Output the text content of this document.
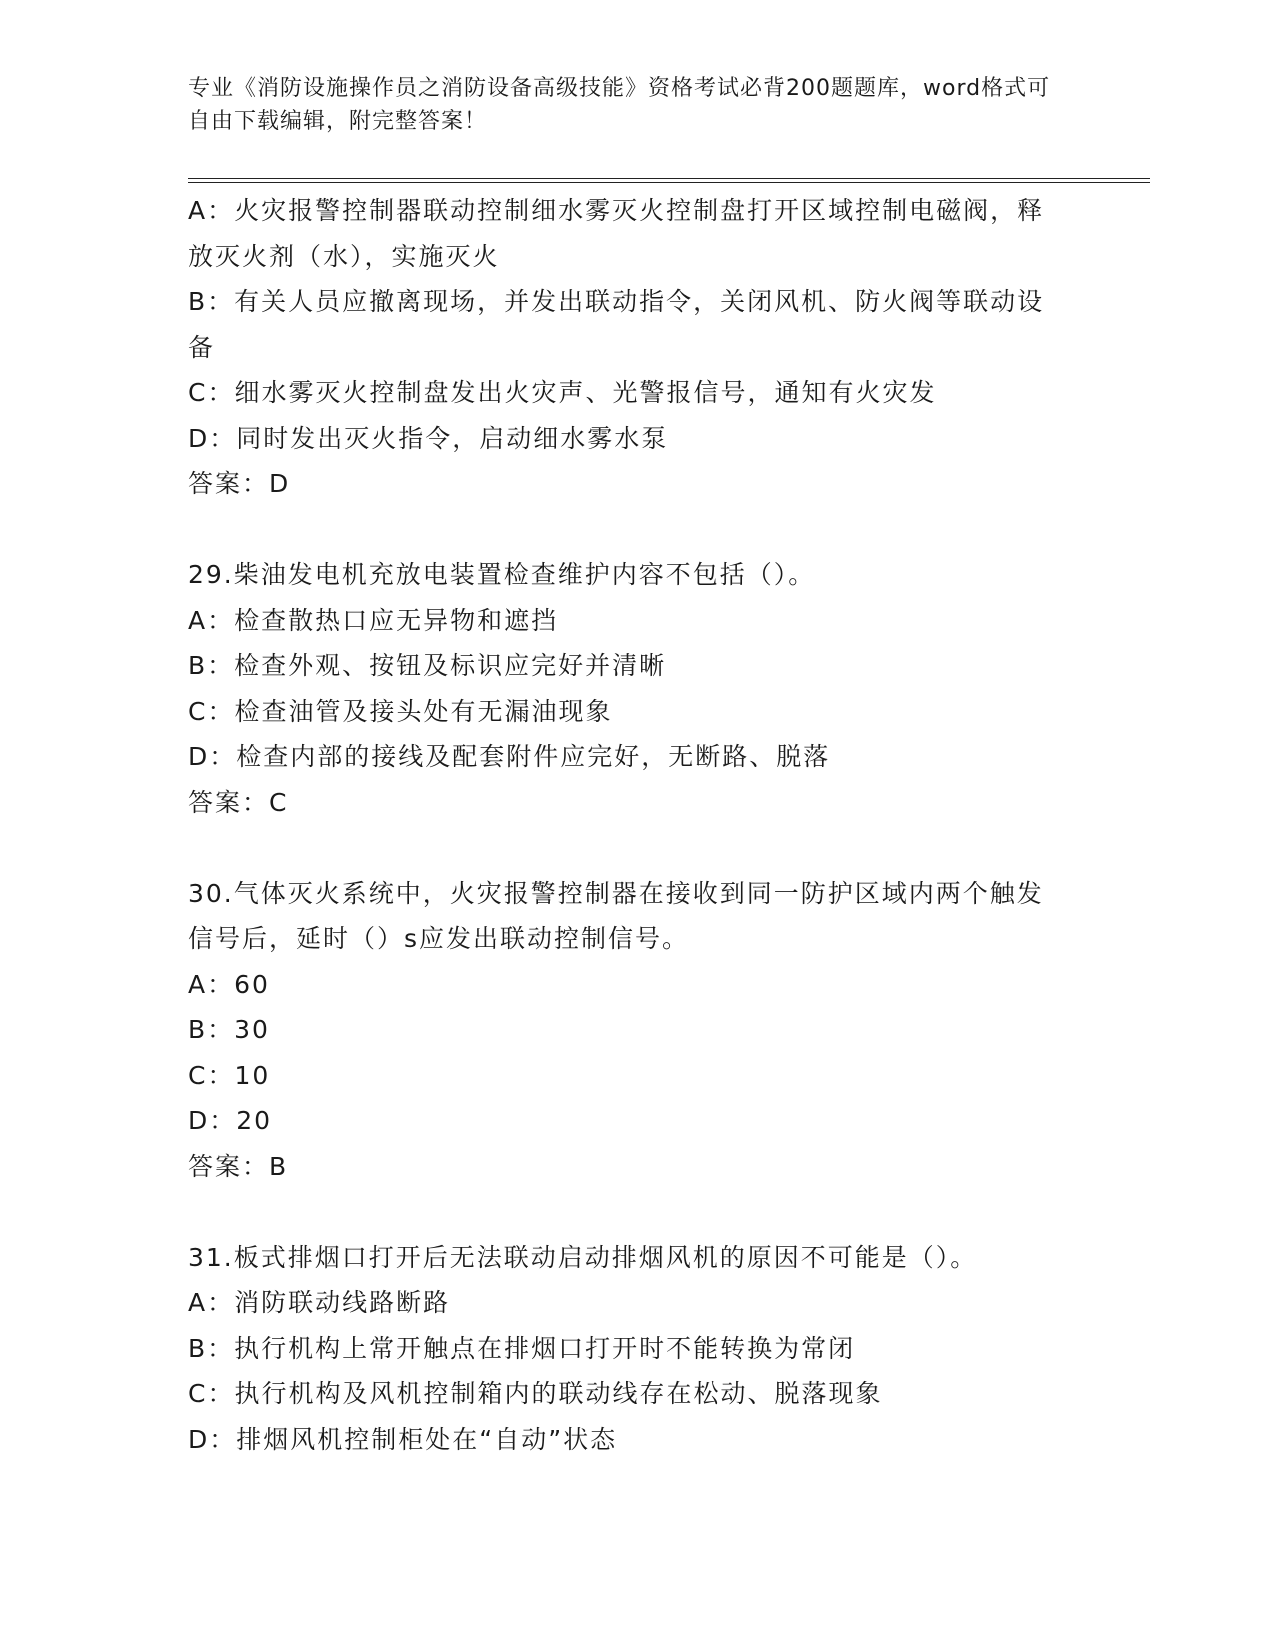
专业《消防设施操作员之消防设备高级技能》资格考试必背200题题库，word格式可自由下载编辑，附完整答案！
A：火灾报警控制器联动控制细水雾灭火控制盘打开区域控制电磁阀，释放灭火剂（水），实施灭火
B：有关人员应撤离现场，并发出联动指令，关闭风机、防火阀等联动设备
C：细水雾灭火控制盘发出火灾声、光警报信号，通知有火灾发
D：同时发出灭火指令，启动细水雾水泵
答案：D
29.柴油发电机充放电装置检查维护内容不包括（）。
A：检查散热口应无异物和遮挡
B：检查外观、按钮及标识应完好并清晰
C：检查油管及接头处有无漏油现象
D：检查内部的接线及配套附件应完好，无断路、脱落
答案：C
30.气体灭火系统中，火灾报警控制器在接收到同一防护区域内两个触发信号后，延时（）s应发出联动控制信号。
A：60
B：30
C：10
D：20
答案：B
31.板式排烟口打开后无法联动启动排烟风机的原因不可能是（）。
A：消防联动线路断路
B：执行机构上常开触点在排烟口打开时不能转换为常闭
C：执行机构及风机控制箱内的联动线存在松动、脱落现象
D：排烟风机控制柜处在“自动”状态
